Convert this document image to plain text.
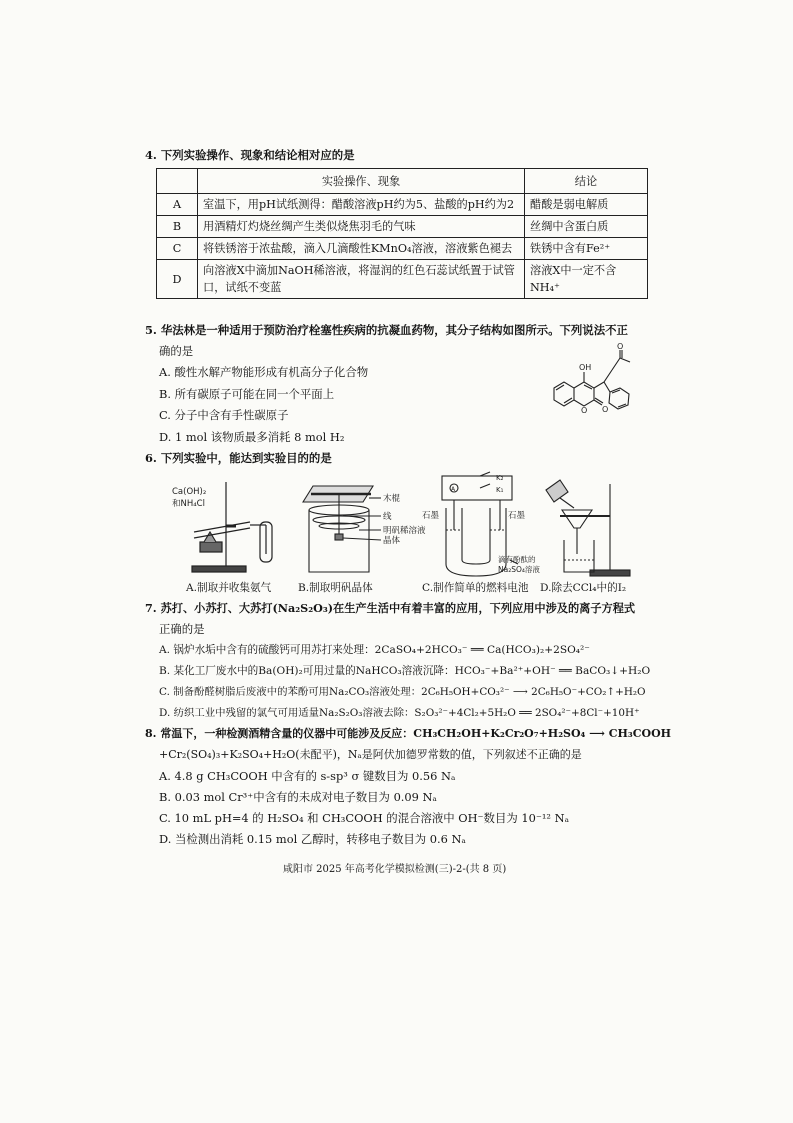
4. 下列实验操作、现象和结论相对应的是
	实验操作、现象	结论
A	室温下，用pH试纸测得：醋酸溶液pH约为5、盐酸的pH约为2	醋酸是弱电解质
B	用酒精灯灼烧丝绸产生类似烧焦羽毛的气味	丝绸中含蛋白质
C	将铁锈溶于浓盐酸，滴入几滴酸性KMnO₄溶液，溶液紫色褪去	铁锈中含有Fe²⁺
D	向溶液X中滴加NaOH稀溶液，将湿润的红色石蕊试纸置于试管口，试纸不变蓝	溶液X中一定不含NH₄⁺
5. 华法林是一种适用于预防治疗栓塞性疾病的抗凝血药物，其分子结构如图所示。下列说法不正
确的是
A. 酸性水解产物能形成有机高分子化合物
B. 所有碳原子可能在同一个平面上
C. 分子中含有手性碳原子
D. 1 mol 该物质最多消耗 8 mol H₂
OH
O O
O
6. 下列实验中，能达到实验目的的是
Ca(OH)₂
和NH₄Cl	木棍
线
明矾稀溶液
晶体
K₂
K₁
A
石墨	石墨
滴有酚酞的
Na₂SO₄溶液
A.制取并收集氨气	B.制取明矾晶体	C.制作简单的燃料电池 D.除去CCl₄中的I₂
7. 苏打、小苏打、大苏打(Na₂S₂O₃)在生产生活中有着丰富的应用，下列应用中涉及的离子方程式
正确的是
A. 锅炉水垢中含有的硫酸钙可用苏打来处理：2CaSO₄+2HCO₃⁻ ══ Ca(HCO₃)₂+2SO₄²⁻
B. 某化工厂废水中的Ba(OH)₂可用过量的NaHCO₃溶液沉降：HCO₃⁻+Ba²⁺+OH⁻ ══ BaCO₃↓+H₂O
C. 制备酚醛树脂后废液中的苯酚可用Na₂CO₃溶液处理：2C₆H₅OH+CO₃²⁻ ⟶ 2C₆H₅O⁻+CO₂↑+H₂O
D. 纺织工业中残留的氯气可用适量Na₂S₂O₃溶液去除：S₂O₃²⁻+4Cl₂+5H₂O ══ 2SO₄²⁻+8Cl⁻+10H⁺
8. 常温下，一种检测酒精含量的仪器中可能涉及反应：CH₃CH₂OH+K₂Cr₂O₇+H₂SO₄ ⟶ CH₃COOH
+Cr₂(SO₄)₃+K₂SO₄+H₂O(未配平)，Nₐ是阿伏加德罗常数的值，下列叙述不正确的是
A. 4.8 g CH₃COOH 中含有的 s-sp³ σ 键数目为 0.56 Nₐ
B. 0.03 mol Cr³⁺中含有的未成对电子数目为 0.09 Nₐ
C. 10 mL pH=4 的 H₂SO₄ 和 CH₃COOH 的混合溶液中 OH⁻数目为 10⁻¹² Nₐ
D. 当检测出消耗 0.15 mol 乙醇时，转移电子数目为 0.6 Nₐ
咸阳市 2025 年高考化学模拟检测(三)-2-(共 8 页)
